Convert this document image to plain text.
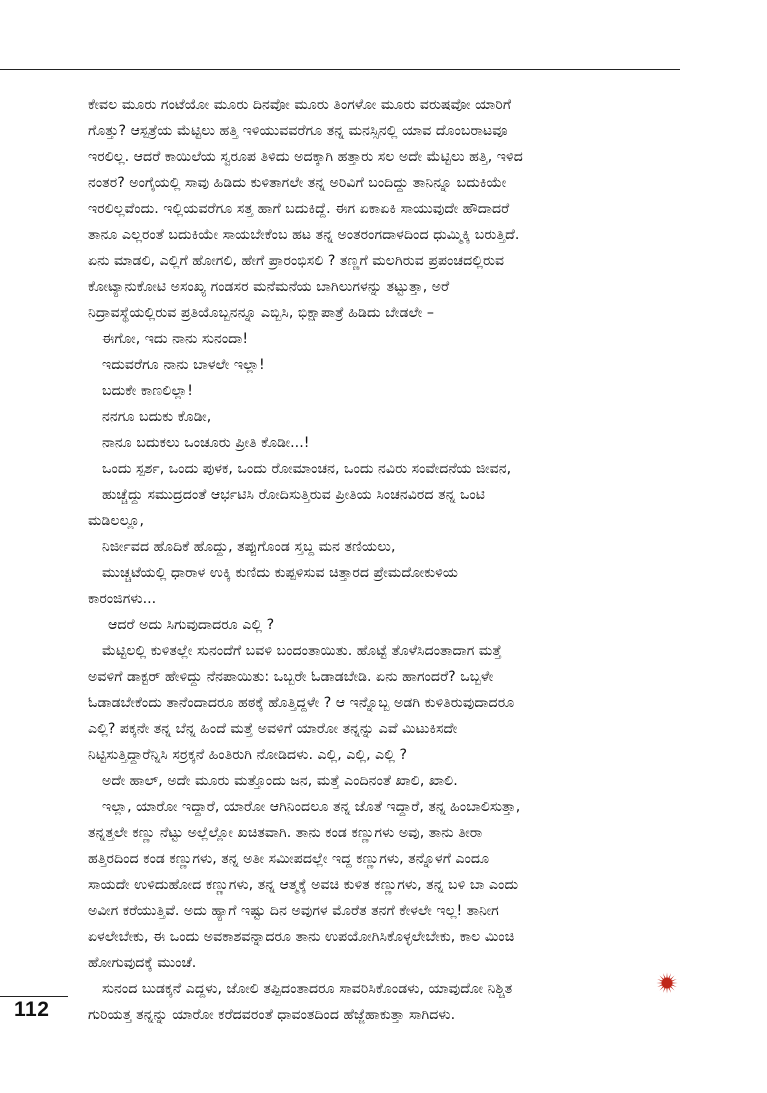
ಕೇವಲ ಮೂರು ಗಂಟೆಯೋ ಮೂರು ದಿನವೋ ಮೂರು ತಿಂಗಳೋ ಮೂರು ವರುಷವೋ ಯಾರಿಗೆ
ಗೊತ್ತು? ಆಸ್ಪತ್ರೆಯ ಮೆಟ್ಟಿಲು ಹತ್ತಿ ಇಳಿಯುವವರೆಗೂ ತನ್ನ ಮನಸ್ಸಿನಲ್ಲಿ ಯಾವ ದೊಂಬರಾಟವೂ
ಇರಲಿಲ್ಲ. ಆದರೆ ಕಾಯಿಲೆಯ ಸ್ವರೂಪ ತಿಳಿದು ಅದಕ್ಕಾಗಿ ಹತ್ತಾರು ಸಲ ಅದೇ ಮೆಟ್ಟಿಲು ಹತ್ತಿ, ಇಳಿದ
ನಂತರ? ಅಂಗೈಯಲ್ಲಿ ಸಾವು ಹಿಡಿದು ಕುಳಿತಾಗಲೇ ತನ್ನ ಅರಿವಿಗೆ ಬಂದಿದ್ದು ತಾನಿನ್ನೂ ಬದುಕಿಯೇ
ಇರಲಿಲ್ಲವೆಂದು. ಇಲ್ಲಿಯವರೆಗೂ ಸತ್ತ ಹಾಗೆ ಬದುಕಿದ್ದೆ. ಈಗ ಏಕಾಏಕಿ ಸಾಯುವುದೇ ಹೌದಾದರೆ
ತಾನೂ ಎಲ್ಲರಂತೆ ಬದುಕಿಯೇ ಸಾಯಬೇಕೆಂಬ ಹಟ ತನ್ನ ಅಂತರಂಗದಾಳದಿಂದ ಧುಮ್ಮಿಕ್ಕಿ ಬರುತ್ತಿದೆ.
ಏನು ಮಾಡಲಿ, ಎಲ್ಲಿಗೆ ಹೋಗಲಿ, ಹೇಗೆ ಪ್ರಾರಂಭಿಸಲಿ ? ತಣ್ಣಗೆ ಮಲಗಿರುವ ಪ್ರಪಂಚದಲ್ಲಿರುವ
ಕೋಟ್ಯಾನುಕೋಟಿ ಅಸಂಖ್ಯ ಗಂಡಸರ ಮನೆಮನೆಯ ಬಾಗಿಲುಗಳನ್ನು ತಟ್ಟುತ್ತಾ, ಅರೆ
ನಿದ್ರಾವಸ್ಥೆಯಲ್ಲಿರುವ ಪ್ರತಿಯೊಬ್ಬನನ್ನೂ ಎಬ್ಬಿಸಿ, ಭಿಕ್ಷಾಪಾತ್ರೆ ಹಿಡಿದು ಬೇಡಲೇ –
ಈಗೋ, ಇದು ನಾನು ಸುನಂದಾ!
ಇದುವರೆಗೂ ನಾನು ಬಾಳಲೇ ಇಲ್ಲಾ!
ಬದುಕೇ ಕಾಣಲಿಲ್ಲಾ!
ನನಗೂ ಬದುಕು ಕೊಡೀ,
ನಾನೂ ಬದುಕಲು ಒಂಚೂರು ಪ್ರೀತಿ ಕೊಡೀ...!
ಒಂದು ಸ್ಪರ್ಶ, ಒಂದು ಪುಳಕ, ಒಂದು ರೋಮಾಂಚನ, ಒಂದು ನವಿರು ಸಂವೇದನೆಯ ಜೀವನ,
ಹುಚ್ಚೆದ್ದು ಸಮುದ್ರದಂತೆ ಆರ್ಭಟಿಸಿ ರೋದಿಸುತ್ತಿರುವ ಪ್ರೀತಿಯ ಸಿಂಚನವಿರದ ತನ್ನ ಒಂಟಿ
ಮಡಿಲಲ್ಲೂ,
ನಿರ್ಜೀವದ ಹೊದಿಕೆ ಹೊದ್ದು, ತಪ್ಪುಗೊಂಡ ಸ್ತಬ್ದ ಮನ ತಣಿಯಲು,
ಮುಚ್ಚಟೆಯಲ್ಲಿ ಧಾರಾಳ ಉಕ್ಕಿ ಕುಣಿದು ಕುಪ್ಪಳಿಸುವ ಚಿತ್ತಾರದ ಪ್ರೇಮದೋಕುಳಿಯ
ಕಾರಂಜಿಗಳು...
ಆದರೆ ಅದು ಸಿಗುವುದಾದರೂ ಎಲ್ಲಿ ?
ಮೆಟ್ಟಿಲಲ್ಲಿ ಕುಳಿತಲ್ಲೇ ಸುನಂದೆಗೆ ಬವಳಿ ಬಂದಂತಾಯಿತು. ಹೊಟ್ಟೆ ತೊಳೆಸಿದಂತಾದಾಗ ಮತ್ತೆ
ಅವಳಿಗೆ ಡಾಕ್ಟರ್ ಹೇಳಿದ್ದು ನೆನಪಾಯಿತು: ಒಬ್ಬರೇ ಓಡಾಡಬೇಡಿ. ಏನು ಹಾಗಂದರೆ? ಒಬ್ಬಳೇ
ಓಡಾಡಬೇಕೆಂದು ತಾನೆಂದಾದರೂ ಹಠಕ್ಕೆ ಹೊತ್ತಿದ್ದಳೇ ? ಆ ಇನ್ನೊಬ್ಬ ಅಡಗಿ ಕುಳಿತಿರುವುದಾದರೂ
ಎಲ್ಲಿ? ಪಕ್ಕನೇ ತನ್ನ ಬೆನ್ನ ಹಿಂದೆ ಮತ್ತೆ ಅವಳಿಗೆ ಯಾರೋ ತನ್ನನ್ನು ಎವೆ ಮಿಟುಕಿಸದೇ
ನಿಟ್ಟಿಸುತ್ತಿದ್ದಾರೆನ್ನಿಸಿ ಸರ್ರಕ್ಕನೆ ಹಿಂತಿರುಗಿ ನೋಡಿದಳು. ಎಲ್ಲಿ, ಎಲ್ಲಿ, ಎಲ್ಲಿ ?
ಅದೇ ಹಾಲ್, ಅದೇ ಮೂರು ಮತ್ತೊಂದು ಜನ, ಮತ್ತೆ ಎಂದಿನಂತೆ ಖಾಲಿ, ಖಾಲಿ.
ಇಲ್ಲಾ, ಯಾರೋ ಇದ್ದಾರೆ, ಯಾರೋ ಆಗಿನಿಂದಲೂ ತನ್ನ ಜೊತೆ ಇದ್ದಾರೆ, ತನ್ನ ಹಿಂಬಾಲಿಸುತ್ತಾ,
ತನ್ನತ್ತಲೇ ಕಣ್ಣು ನೆಟ್ಟು ಅಲ್ಲೆಲ್ಲೋ ಖಚಿತವಾಗಿ. ತಾನು ಕಂಡ ಕಣ್ಣುಗಳು ಅವು, ತಾನು ತೀರಾ
ಹತ್ತಿರದಿಂದ ಕಂಡ ಕಣ್ಣುಗಳು, ತನ್ನ ಅತೀ ಸಮೀಪದಲ್ಲೇ ಇದ್ದ ಕಣ್ಣುಗಳು, ತನ್ನೊಳಗೆ ಎಂದೂ
ಸಾಯದೇ ಉಳಿದುಹೋದ ಕಣ್ಣುಗಳು, ತನ್ನ ಆತ್ಮಕ್ಕೆ ಅವಚಿ ಕುಳಿತ ಕಣ್ಣುಗಳು, ತನ್ನ ಬಳಿ ಬಾ ಎಂದು
ಅವೀಗ ಕರೆಯುತ್ತಿವೆ. ಅದು ಹ್ಯಾಗೆ ಇಷ್ಟು ದಿನ ಅವುಗಳ ಮೊರೆತ ತನಗೆ ಕೇಳಲೇ ಇಲ್ಲ! ತಾನೀಗ
ಏಳಲೇಬೇಕು, ಈ ಒಂದು ಅವಕಾಶವನ್ನಾದರೂ ತಾನು ಉಪಯೋಗಿಸಿಕೊಳ್ಳಲೇಬೇಕು, ಕಾಲ ಮಿಂಚಿ
ಹೋಗುವುದಕ್ಕೆ ಮುಂಚೆ.
ಸುನಂದ ಬುಡಕ್ಕನೆ ಎದ್ದಳು, ಜೋಲಿ ತಪ್ಪಿದಂತಾದರೂ ಸಾವರಿಸಿಕೊಂಡಳು, ಯಾವುದೋ ನಿಶ್ಚಿತ
ಗುರಿಯತ್ತ ತನ್ನನ್ನು ಯಾರೋ ಕರೆದವರಂತೆ ಧಾವಂತದಿಂದ ಹೆಜ್ಜೆಹಾಕುತ್ತಾ ಸಾಗಿದಳು.
112
